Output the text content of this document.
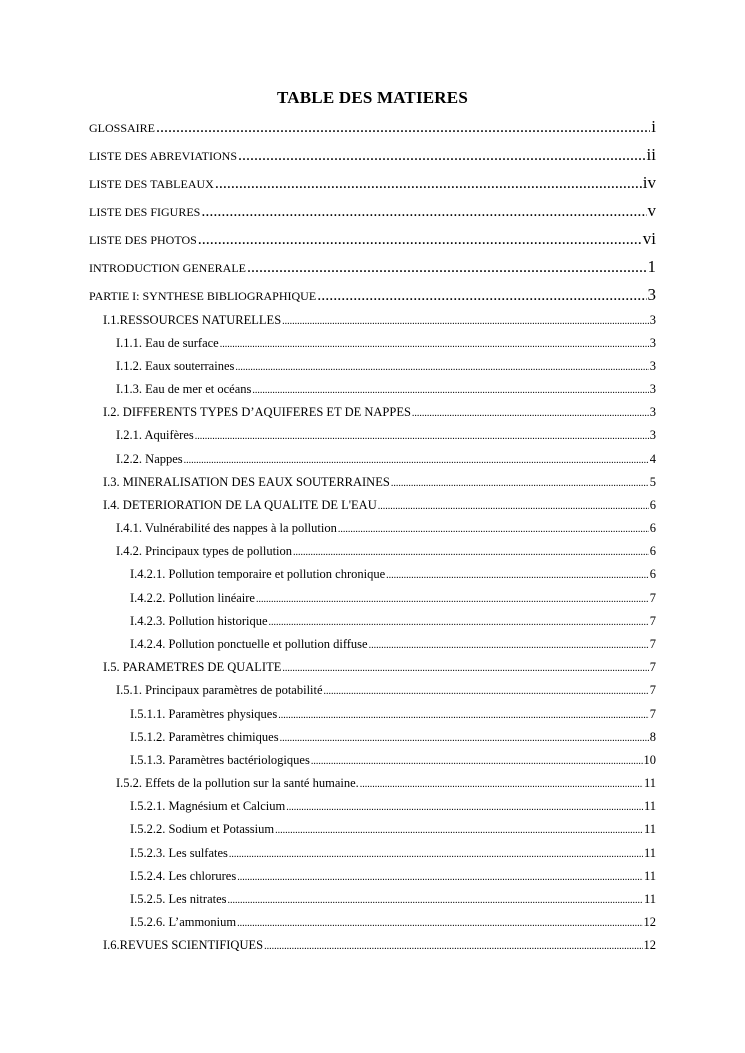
TABLE DES MATIERES
GLOSSAIRE .....	i
LISTE DES ABREVIATIONS .....	ii
LISTE DES TABLEAUX .....	iv
LISTE DES FIGURES .....	v
LISTE DES PHOTOS .....	vi
INTRODUCTION GENERALE .....	1
PARTIE I: SYNTHESE BIBLIOGRAPHIQUE .....	3
I.1.RESSOURCES NATURELLES .....	3
I.1.1. Eau de surface .....	3
I.1.2. Eaux souterraines .....	3
I.1.3. Eau de mer et océans .....	3
I.2. DIFFERENTS TYPES D’AQUIFERES ET DE NAPPES .....	3
I.2.1. Aquifères .....	3
I.2.2. Nappes .....	4
I.3. MINERALISATION DES EAUX SOUTERRAINES .....	5
I.4. DETERIORATION DE LA QUALITE DE L'EAU .....	6
I.4.1. Vulnérabilité des nappes à la pollution .....	6
I.4.2. Principaux types de pollution .....	6
I.4.2.1. Pollution temporaire et pollution chronique .....	6
I.4.2.2. Pollution linéaire .....	7
I.4.2.3. Pollution historique .....	7
I.4.2.4. Pollution ponctuelle et pollution diffuse .....	7
I.5. PARAMETRES DE QUALITE .....	7
I.5.1. Principaux paramètres de potabilité .....	7
I.5.1.1. Paramètres physiques .....	7
I.5.1.2. Paramètres chimiques .....	8
I.5.1.3. Paramètres bactériologiques .....	10
I.5.2. Effets de la pollution sur la santé humaine. .....	11
I.5.2.1. Magnésium et Calcium .....	11
I.5.2.2. Sodium et Potassium .....	11
I.5.2.3. Les sulfates .....	11
I.5.2.4. Les chlorures .....	11
I.5.2.5. Les nitrates .....	11
I.5.2.6. L’ammonium .....	12
I.6.REVUES SCIENTIFIQUES .....	12
